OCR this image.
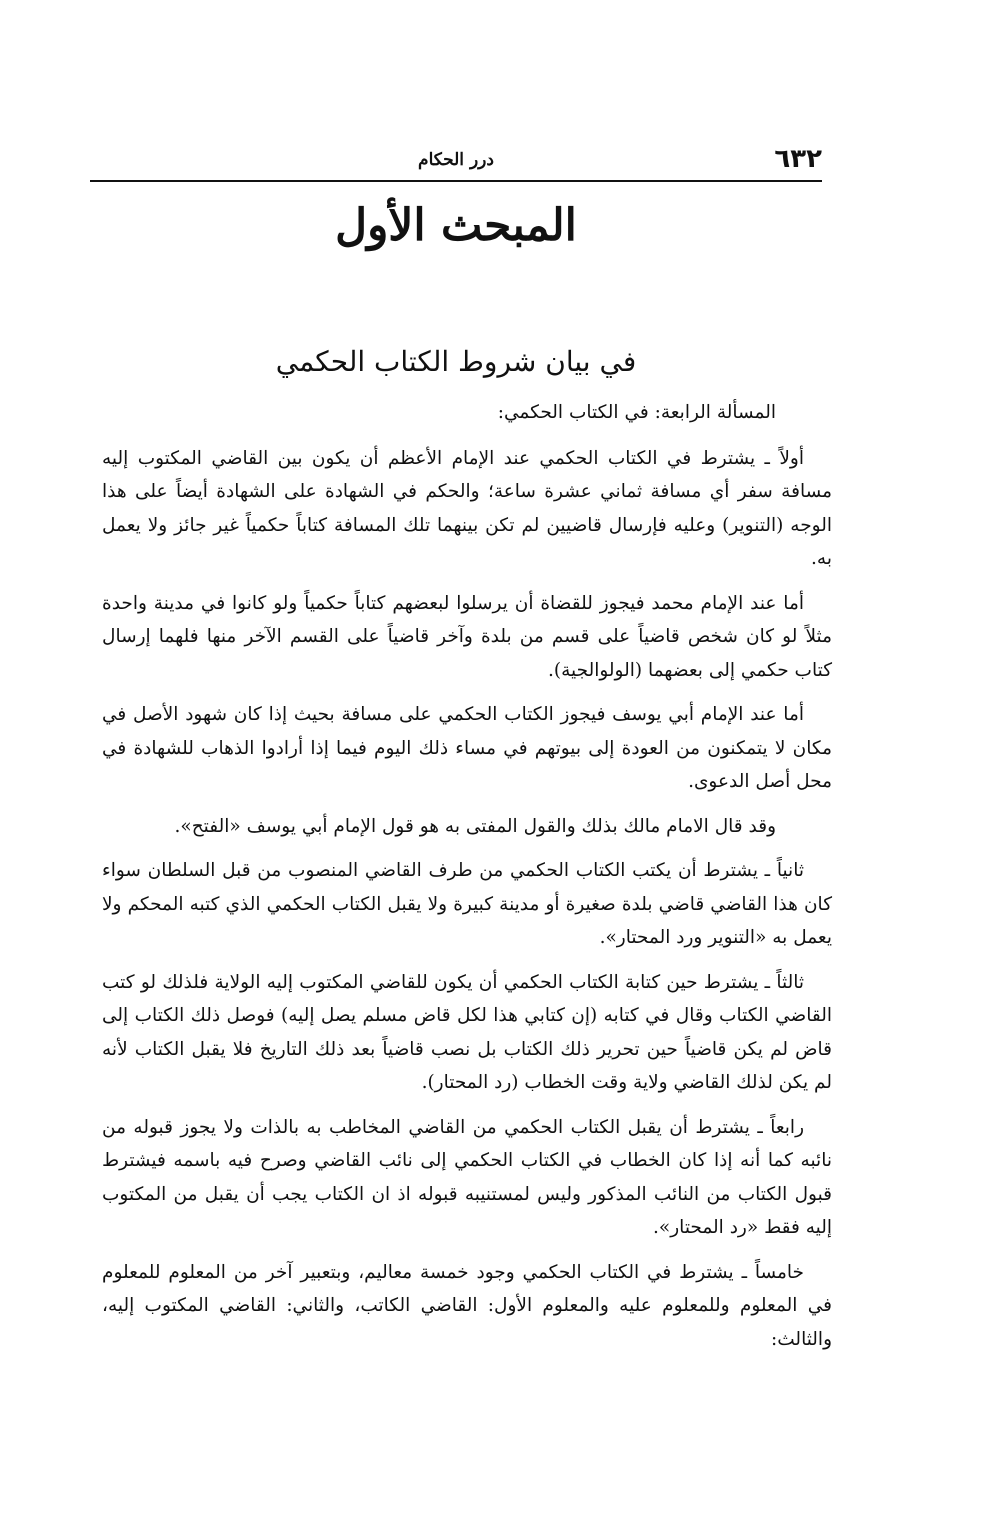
٦٣٢
درر الحكام
المبحث الأول
في بيان شروط الكتاب الحكمي

المسألة الرابعة: في الكتاب الحكمي:

أولاً ـ يشترط في الكتاب الحكمي عند الإمام الأعظم أن يكون بين القاضي المكتوب إليه مسافة سفر أي مسافة ثماني عشرة ساعة؛ والحكم في الشهادة على الشهادة أيضاً على هذا الوجه (التنوير) وعليه فإرسال قاضيين لم تكن بينهما تلك المسافة كتاباً حكمياً غير جائز ولا يعمل به.

أما عند الإمام محمد فيجوز للقضاة أن يرسلوا لبعضهم كتاباً حكمياً ولو كانوا في مدينة واحدة مثلاً لو كان شخص قاضياً على قسم من بلدة وآخر قاضياً على القسم الآخر منها فلهما إرسال كتاب حكمي إلى بعضهما (الولوالجية).

أما عند الإمام أبي يوسف فيجوز الكتاب الحكمي على مسافة بحيث إذا كان شهود الأصل في مكان لا يتمكنون من العودة إلى بيوتهم في مساء ذلك اليوم فيما إذا أرادوا الذهاب للشهادة في محل أصل الدعوى.

وقد قال الامام مالك بذلك والقول المفتى به هو قول الإمام أبي يوسف «الفتح».

ثانياً ـ يشترط أن يكتب الكتاب الحكمي من طرف القاضي المنصوب من قبل السلطان سواء كان هذا القاضي قاضي بلدة صغيرة أو مدينة كبيرة ولا يقبل الكتاب الحكمي الذي كتبه المحكم ولا يعمل به «التنوير ورد المحتار».

ثالثاً ـ يشترط حين كتابة الكتاب الحكمي أن يكون للقاضي المكتوب إليه الولاية فلذلك لو كتب القاضي الكتاب وقال في كتابه (إن كتابي هذا لكل قاض مسلم يصل إليه) فوصل ذلك الكتاب إلى قاض لم يكن قاضياً حين تحرير ذلك الكتاب بل نصب قاضياً بعد ذلك التاريخ فلا يقبل الكتاب لأنه لم يكن لذلك القاضي ولاية وقت الخطاب (رد المحتار).

رابعاً ـ يشترط أن يقبل الكتاب الحكمي من القاضي المخاطب به بالذات ولا يجوز قبوله من نائبه كما أنه إذا كان الخطاب في الكتاب الحكمي إلى نائب القاضي وصرح فيه باسمه فيشترط قبول الكتاب من النائب المذكور وليس لمستنيبه قبوله اذ ان الكتاب يجب أن يقبل من المكتوب إليه فقط «رد المحتار».

خامساً ـ يشترط في الكتاب الحكمي وجود خمسة معاليم، وبتعبير آخر من المعلوم للمعلوم في المعلوم وللمعلوم عليه والمعلوم الأول: القاضي الكاتب، والثاني: القاضي المكتوب إليه، والثالث:
